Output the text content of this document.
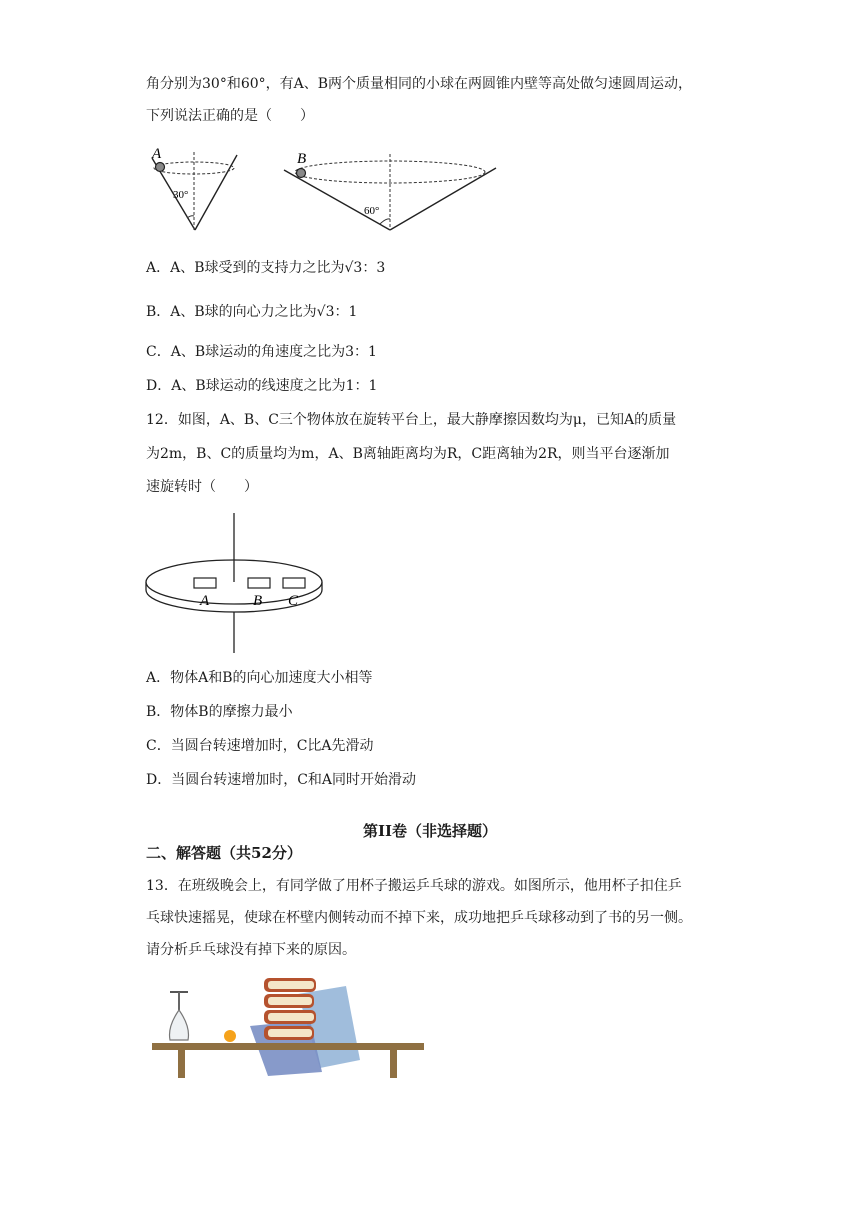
角分别为30°和60°，有A、B两个质量相同的小球在两圆锥内壁等高处做匀速圆周运动，
下列说法正确的是（　　）
A
30°
B
60°
A．A、B球受到的支持力之比为√3：3
B．A、B球的向心力之比为√3：1
C．A、B球运动的角速度之比为3：1
D．A、B球运动的线速度之比为1：1
12．如图，A、B、C三个物体放在旋转平台上，最大静摩擦因数均为μ，已知A的质量
为2m，B、C的质量均为m，A、B离轴距离均为R，C距离轴为2R，则当平台逐渐加
速旋转时（　　）
A	B C
A．物体A和B的向心加速度大小相等
B．物体B的摩擦力最小
C．当圆台转速增加时，C比A先滑动
D．当圆台转速增加时，C和A同时开始滑动
第II卷（非选择题）
二、解答题（共52分）
13．在班级晚会上，有同学做了用杯子搬运乒乓球的游戏。如图所示，他用杯子扣住乒
乓球快速摇晃，使球在杯壁内侧转动而不掉下来，成功地把乒乓球移动到了书的另一侧。
请分析乒乓球没有掉下来的原因。
